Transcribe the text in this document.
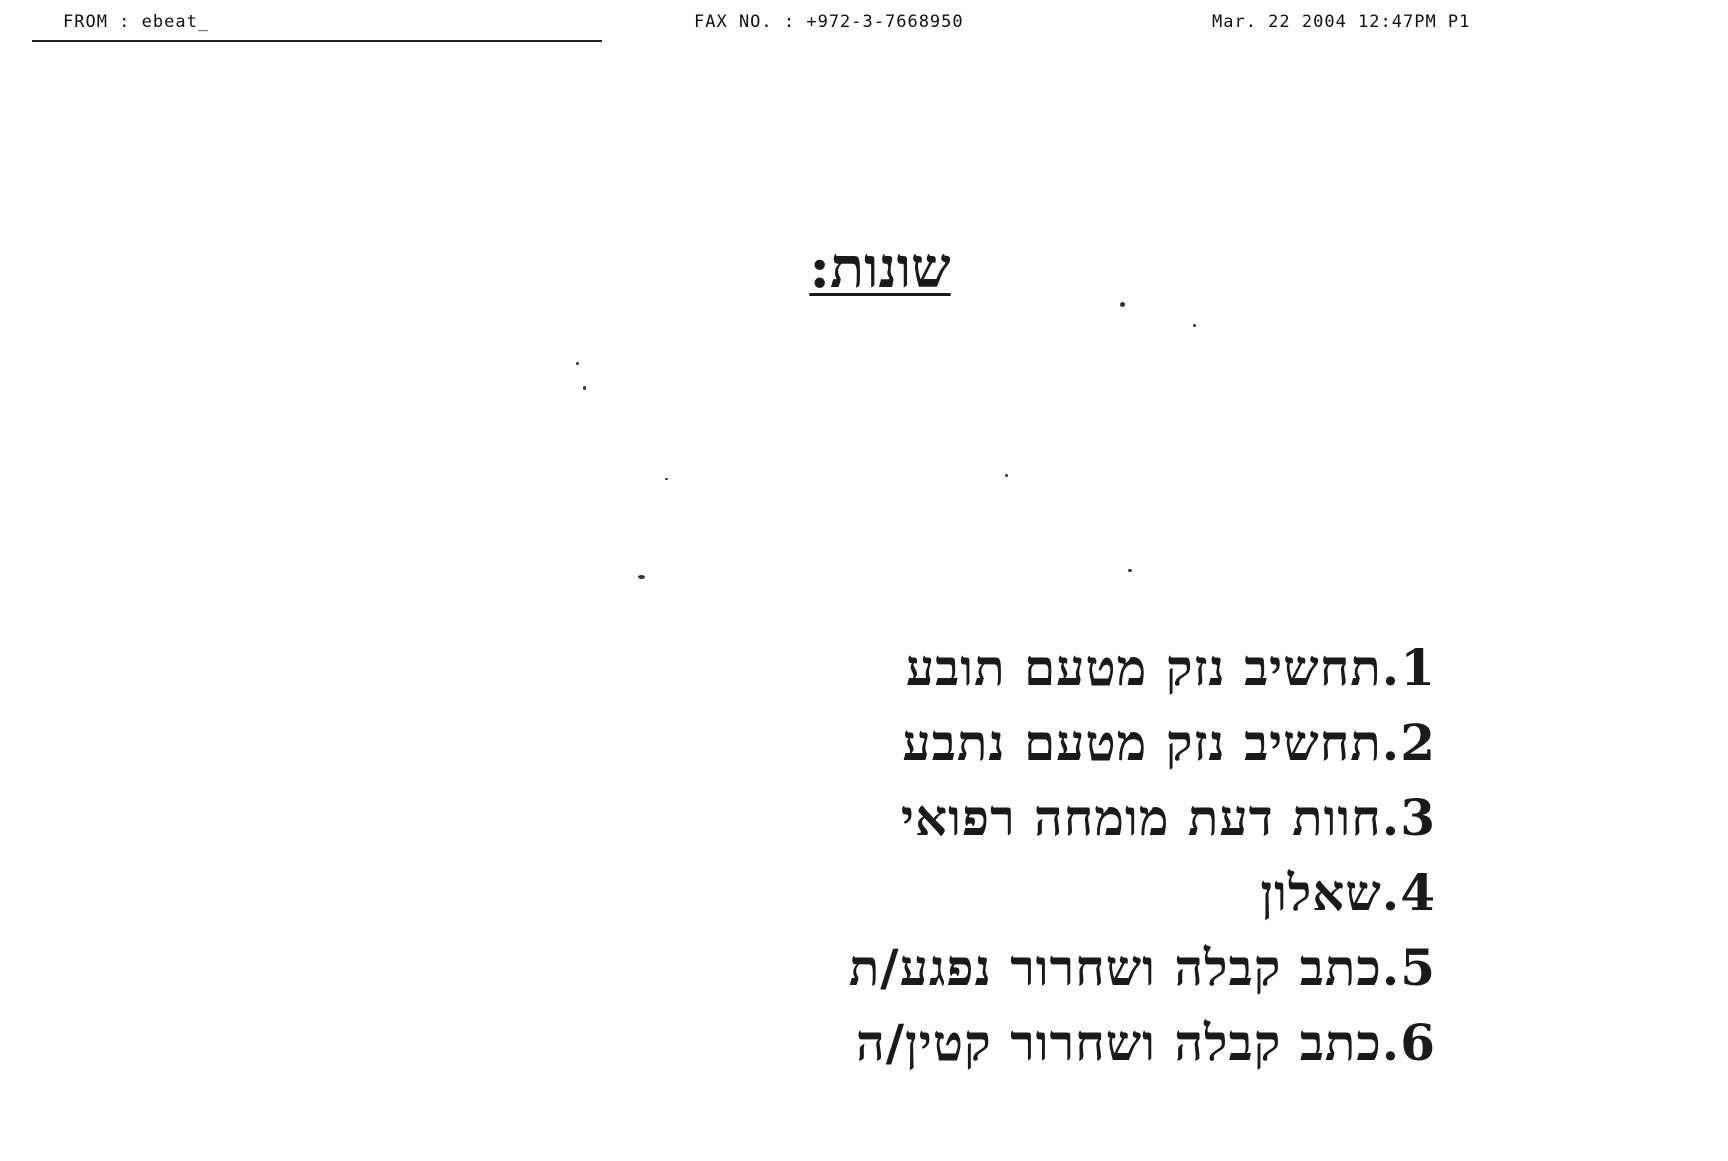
FROM : ebeat_	FAX NO. : +972-3-7668950	Mar. 22 2004 12:47PM P1
שונות:
1.תחשיב נזק מטעם תובע
2.תחשיב נזק מטעם נתבע
3.חוות דעת מומחה רפואי
4.שאלון
5.כתב קבלה ושחרור נפגע/ת
6.כתב קבלה ושחרור קטין/ה
